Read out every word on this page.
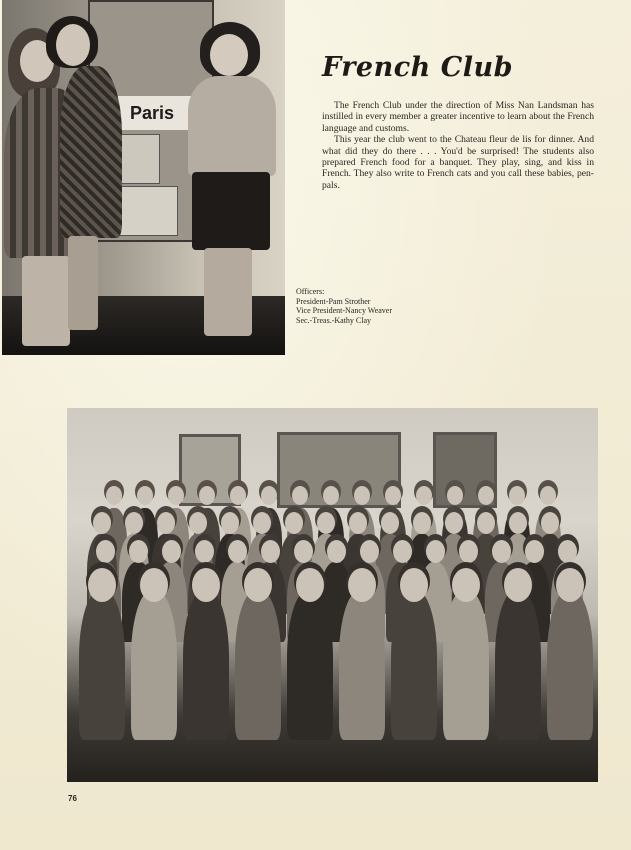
Paris
French Club

The French Club under the direction of Miss Nan Landsman has instilled in every member a greater incentive to learn about the French language and customs.

This year the club went to the Chateau fleur de lis for dinner. And what did they do there . . . You'd be surprised! The students also prepared French food for a banquet. They play, sing, and kiss in French. They also write to French cats and you call these babies, pen-pals.

Officers:
President-Pam Strother
Vice President-Nancy Weaver
Sec.-Treas.-Kathy Clay
76
